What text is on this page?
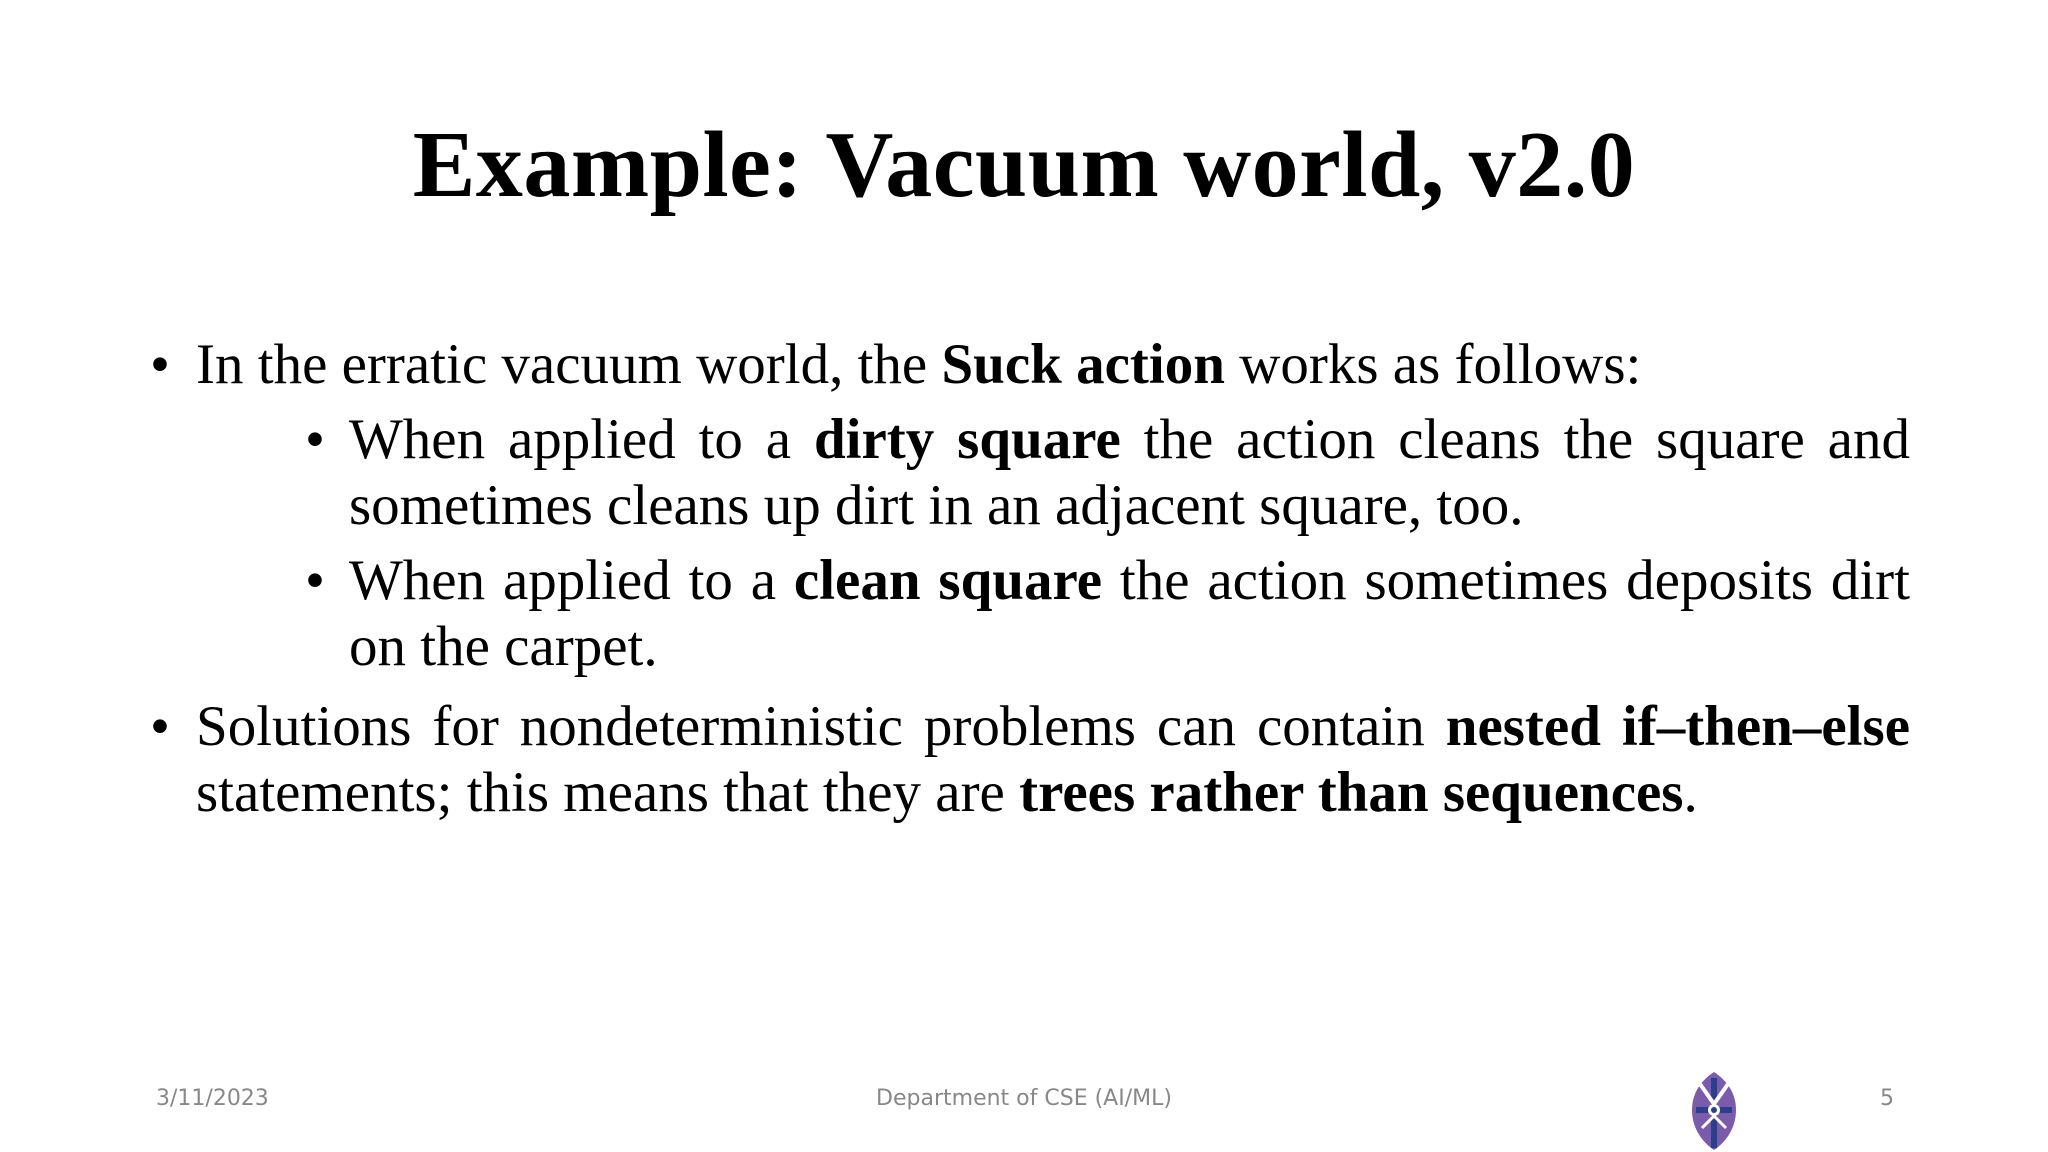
Example: Vacuum world, v2.0
• In the erratic vacuum world, the Suck action works as follows:
• When applied to a dirty square the action cleans the square and sometimes cleans up dirt in an adjacent square, too.
• When applied to a clean square the action sometimes deposits dirt on the carpet.
• Solutions for nondeterministic problems can contain nested if–then–else statements; this means that they are trees rather than sequences.
3/11/2023	Department of CSE (AI/ML)	5
